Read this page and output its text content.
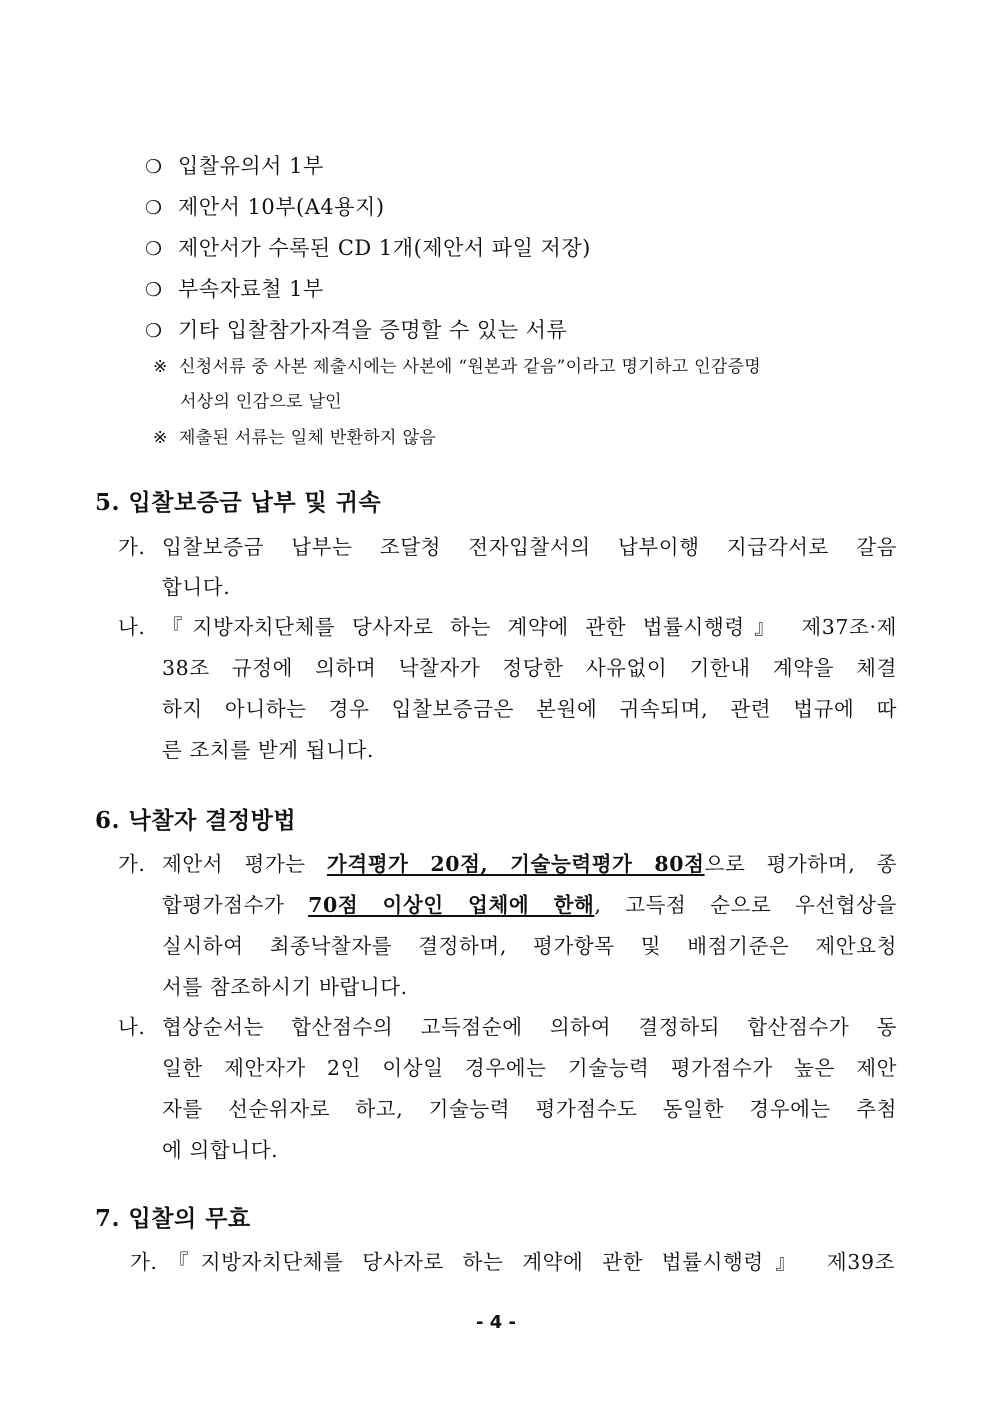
❍ 입찰유의서 1부
❍ 제안서 10부(A4용지)
❍ 제안서가 수록된 CD 1개(제안서 파일 저장)
❍ 부속자료철 1부
❍ 기타 입찰참가자격을 증명할 수 있는 서류
※ 신청서류 중 사본 제출시에는 사본에 “원본과 같음”이라고 명기하고 인감증명
서상의 인감으로 날인
※ 제출된 서류는 일체 반환하지 않음
5. 입찰보증금 납부 및 귀속
가. 입찰보증금 납부는 조달청 전자입찰서의 납부이행 지급각서로 갈음
합니다.
나. 『지방자치단체를 당사자로 하는 계약에 관한 법률시행령』 제37조·제
38조 규정에 의하며 낙찰자가 정당한 사유없이 기한내 계약을 체결
하지 아니하는 경우 입찰보증금은 본원에 귀속되며, 관련 법규에 따
른 조치를 받게 됩니다.
6. 낙찰자 결정방법
가. 제안서 평가는 가격평가 20점, 기술능력평가 80점으로 평가하며, 종
합평가점수가 70점 이상인 업체에 한해, 고득점 순으로 우선협상을
실시하여 최종낙찰자를 결정하며, 평가항목 및 배점기준은 제안요청
서를 참조하시기 바랍니다.
나. 협상순서는 합산점수의 고득점순에 의하여 결정하되 합산점수가 동
일한 제안자가 2인 이상일 경우에는 기술능력 평가점수가 높은 제안
자를 선순위자로 하고, 기술능력 평가점수도 동일한 경우에는 추첨
에 의합니다.
7. 입찰의 무효
가. 『지방자치단체를 당사자로 하는 계약에 관한 법률시행령』 제39조
- 4 -
